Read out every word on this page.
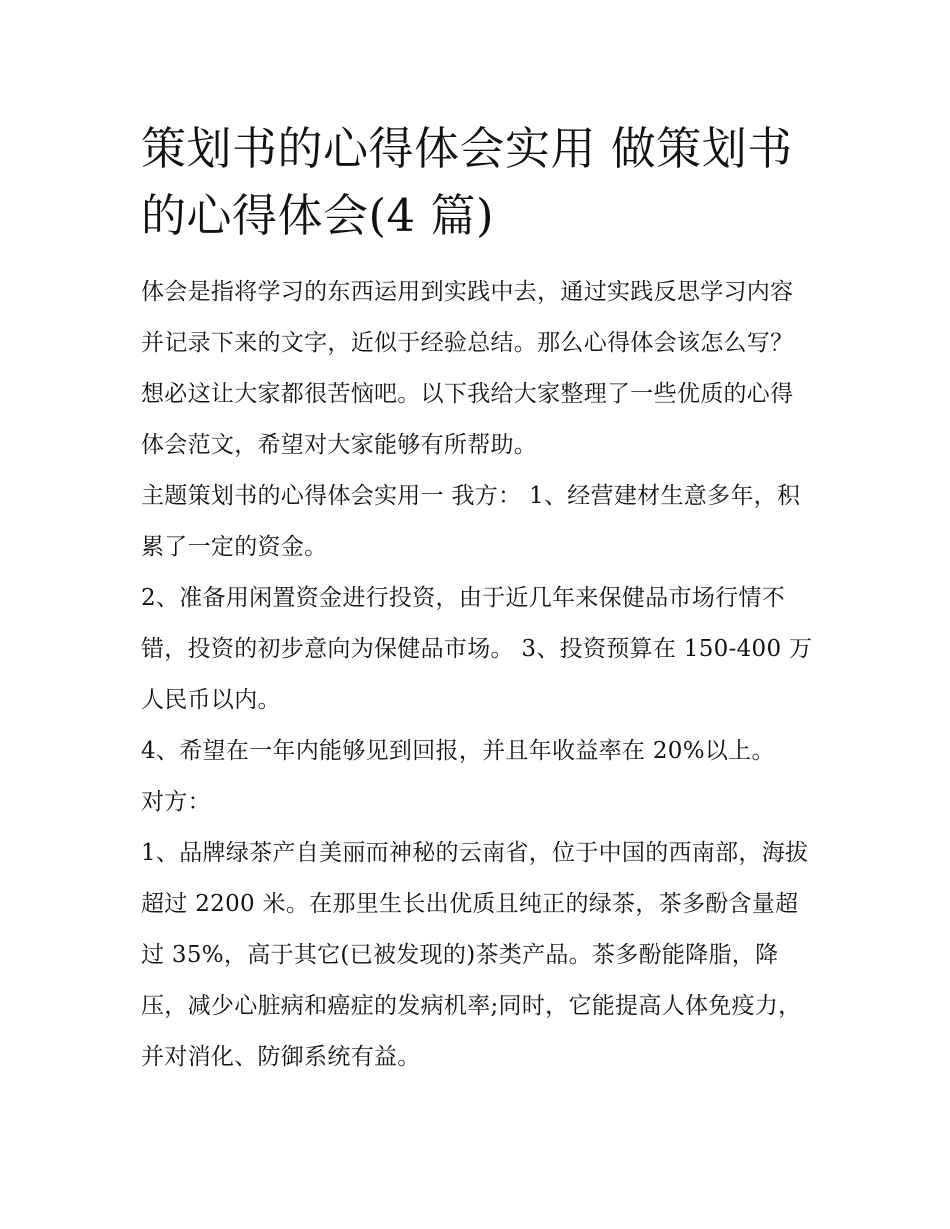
策划书的心得体会实用 做策划书的心得体会(4 篇)

体会是指将学习的东西运用到实践中去，通过实践反思学习内容并记录下来的文字，近似于经验总结。那么心得体会该怎么写？想必这让大家都很苦恼吧。以下我给大家整理了一些优质的心得体会范文，希望对大家能够有所帮助。

主题策划书的心得体会实用一 我方： 1、经营建材生意多年，积累了一定的资金。

2、准备用闲置资金进行投资，由于近几年来保健品市场行情不错，投资的初步意向为保健品市场。 3、投资预算在 150-400 万人民币以内。

4、希望在一年内能够见到回报，并且年收益率在 20%以上。

对方：

1、品牌绿茶产自美丽而神秘的云南省，位于中国的西南部，海拔超过 2200 米。在那里生长出优质且纯正的绿茶，茶多酚含量超过 35%，高于其它(已被发现的)茶类产品。茶多酚能降脂，降压，减少心脏病和癌症的发病机率;同时，它能提高人体免疫力，并对消化、防御系统有益。
